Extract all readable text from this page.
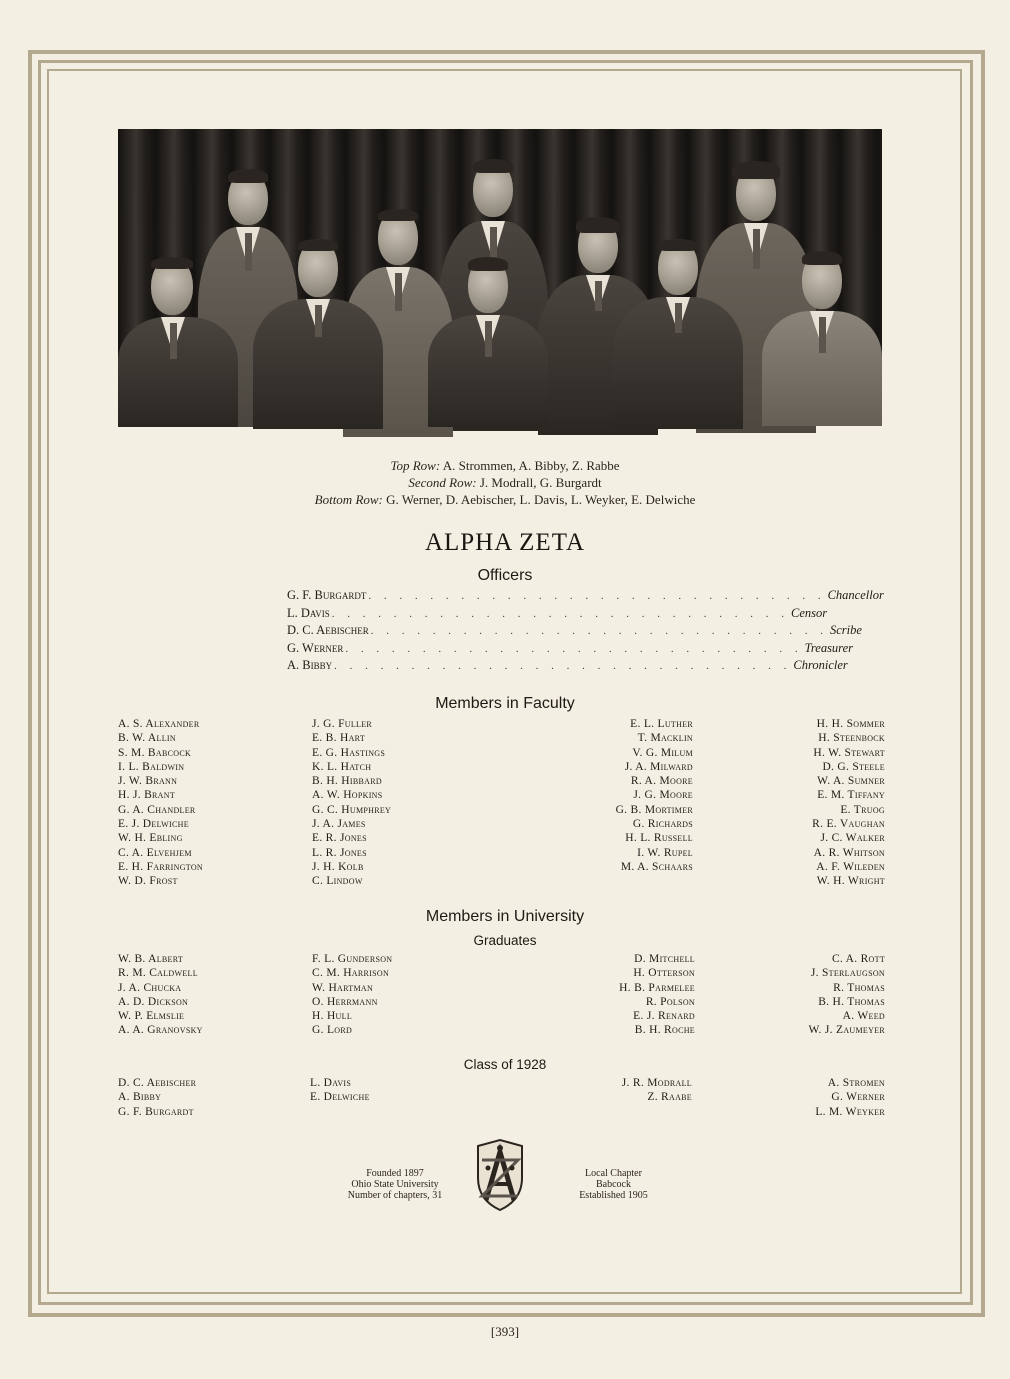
Top Row: A. Strommen, A. Bibby, Z. Rabbe
Second Row: J. Modrall, G. Burgardt
Bottom Row: G. Werner, D. Aebischer, L. Davis, L. Weyker, E. Delwiche
ALPHA ZETA
Officers
G. F. Burgardt . . . . . . . . . . . . . . . . . . . . . . . . . . . . . . Chancellor
L. Davis . . . . . . . . . . . . . . . . . . . . . . . . . . . . . . Censor
D. C. Aebischer . . . . . . . . . . . . . . . . . . . . . . . . . . . . . . Scribe
G. Werner . . . . . . . . . . . . . . . . . . . . . . . . . . . . . . Treasurer
A. Bibby . . . . . . . . . . . . . . . . . . . . . . . . . . . . . . Chronicler
Members in Faculty
A. S. Alexander
B. W. Allin
S. M. Babcock
I. L. Baldwin
J. W. Brann
H. J. Brant
G. A. Chandler
E. J. Delwiche
W. H. Ebling
C. A. Elvehjem
E. H. Farrington
W. D. Frost
J. G. Fuller
E. B. Hart
E. G. Hastings
K. L. Hatch
B. H. Hibbard
A. W. Hopkins
G. C. Humphrey
J. A. James
E. R. Jones
L. R. Jones
J. H. Kolb
C. Lindow
E. L. Luther
T. Macklin
V. G. Milum
J. A. Milward
R. A. Moore
J. G. Moore
G. B. Mortimer
G. Richards
H. L. Russell
I. W. Rupel
M. A. Schaars
H. H. Sommer
H. Steenbock
H. W. Stewart
D. G. Steele
W. A. Sumner
E. M. Tiffany
E. Truog
R. E. Vaughan
J. C. Walker
A. R. Whitson
A. F. Wileden
W. H. Wright
Members in University
Graduates
W. B. Albert
R. M. Caldwell
J. A. Chucka
A. D. Dickson
W. P. Elmslie
A. A. Granovsky
F. L. Gunderson
C. M. Harrison
W. Hartman
O. Herrmann
H. Hull
G. Lord
D. Mitchell
H. Otterson
H. B. Parmelee
R. Polson
E. J. Renard
B. H. Roche
C. A. Rott
J. Sterlaugson
R. Thomas
B. H. Thomas
A. Weed
W. J. Zaumeyer
Class of 1928
D. C. Aebischer
A. Bibby
G. F. Burgardt
L. Davis
E. Delwiche
J. R. Modrall
Z. Raabe
A. Stromen
G. Werner
L. M. Weyker
Founded 1897
Ohio State University
Number of chapters, 31
Local Chapter
Babcock
Established 1905
[393]
